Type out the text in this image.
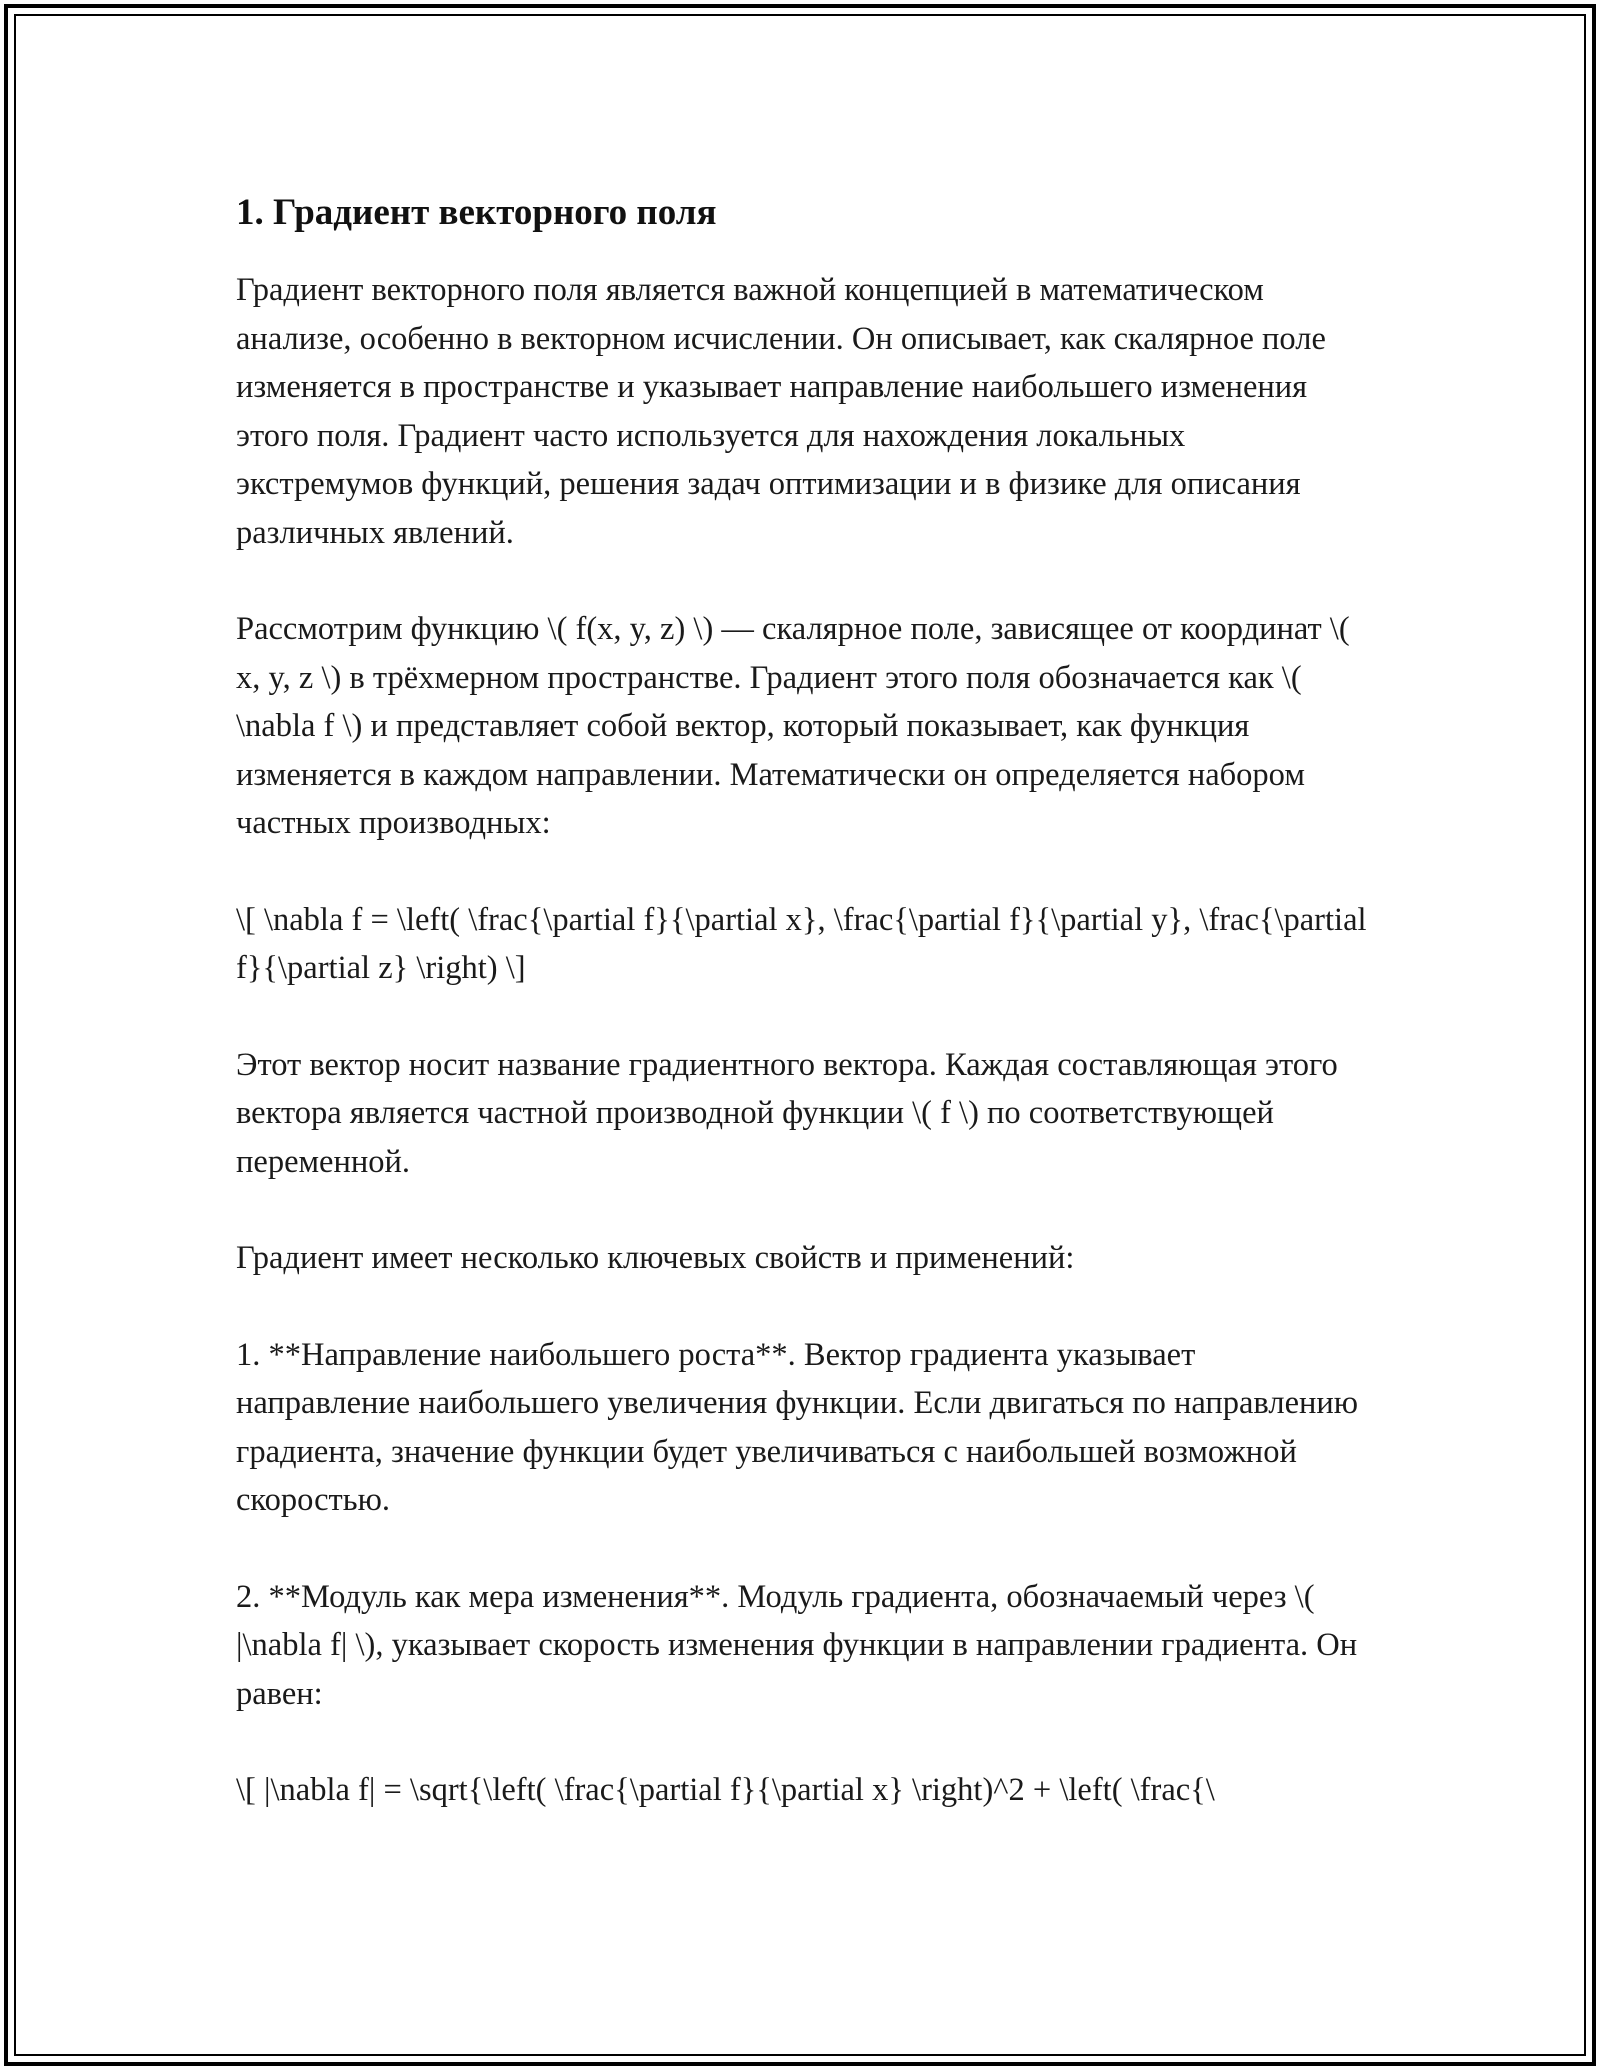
1. Градиент векторного поля

Градиент векторного поля является важной концепцией в математическом анализе, особенно в векторном исчислении. Он описывает, как скалярное поле изменяется в пространстве и указывает направление наибольшего изменения этого поля. Градиент часто используется для нахождения локальных экстремумов функций, решения задач оптимизации и в физике для описания различных явлений.

Рассмотрим функцию \( f(x, y, z) \) — скалярное поле, зависящее от координат \( x, y, z \) в трёхмерном пространстве. Градиент этого поля обозначается как \( \nabla f \) и представляет собой вектор, который показывает, как функция изменяется в каждом направлении. Математически он определяется набором частных производных:

\[ \nabla f = \left( \frac{\partial f}{\partial x}, \frac{\partial f}{\partial y}, \frac{\partial f}{\partial z} \right) \]

Этот вектор носит название градиентного вектора. Каждая составляющая этого вектора является частной производной функции \( f \) по соответствующей переменной.

Градиент имеет несколько ключевых свойств и применений:

1. **Направление наибольшего роста**. Вектор градиента указывает направление наибольшего увеличения функции. Если двигаться по направлению градиента, значение функции будет увеличиваться с наибольшей возможной скоростью.

2. **Модуль как мера изменения**. Модуль градиента, обозначаемый через \( |\nabla f| \), указывает скорость изменения функции в направлении градиента. Он равен:

\[ |\nabla f| = \sqrt{\left( \frac{\partial f}{\partial x} \right)^2 + \left( \frac{\
